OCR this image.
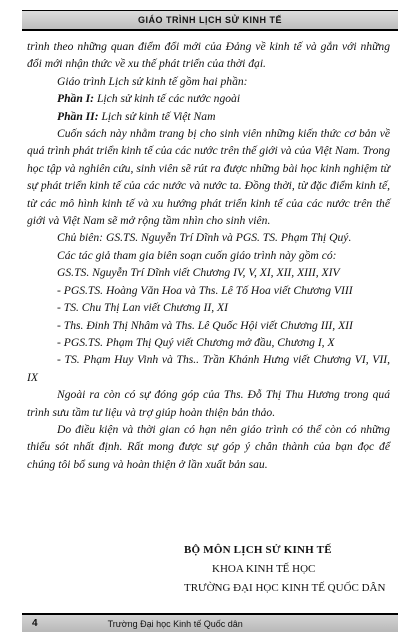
GIÁO TRÌNH LỊCH SỬ KINH TẾ

trình theo những quan điểm đổi mới của Đảng về kinh tế và gắn với những đổi mới nhận thức về xu thế phát triển của thời đại.

Giáo trình Lịch sử kinh tế gồm hai phần:

Phần I: Lịch sử kinh tế các nước ngoài

Phần II: Lịch sử kinh tế Việt Nam

Cuốn sách này nhằm trang bị cho sinh viên những kiến thức cơ bản về quá trình phát triển kinh tế của các nước trên thế giới và của Việt Nam. Trong học tập và nghiên cứu, sinh viên sẽ rút ra được những bài học kinh nghiệm từ sự phát triển kinh tế của các nước và nước ta. Đồng thời, từ đặc điểm kinh tế, từ các mô hình kinh tế và xu hướng phát triển kinh tế của các nước trên thế giới và Việt Nam sẽ mở rộng tầm nhìn cho sinh viên.

Chủ biên: GS.TS. Nguyễn Trí Dĩnh và PGS. TS. Phạm Thị Quý.

Các tác giả tham gia biên soạn cuốn giáo trình này gồm có:

GS.TS. Nguyễn Trí Dĩnh viết Chương IV, V, XI, XII, XIII, XIV

- PGS.TS. Hoàng Văn Hoa và Ths. Lê Tố Hoa viết Chương VIII

- TS. Chu Thị Lan viết Chương II, XI

- Ths. Đinh Thị Nhâm và Ths. Lê Quốc Hội viết Chương III, XII

- PGS.TS. Phạm Thị Quý viết Chương mở đầu, Chương I, X

- TS. Phạm Huy Vinh và Ths.. Trần Khánh Hưng viết Chương VI, VII, IX

Ngoài ra còn có sự đóng góp của Ths. Đỗ Thị Thu Hương trong quá trình sưu tầm tư liệu và trợ giúp hoàn thiện bản thảo.

Do điều kiện và thời gian có hạn nên giáo trình có thể còn có những thiếu sót nhất định. Rất mong được sự góp ý chân thành của bạn đọc để chúng tôi bổ sung và hoàn thiện ở lần xuất bản sau.

BỘ MÔN LỊCH SỬ KINH TẾ
KHOA KINH TẾ HỌC
TRƯỜNG ĐẠI HỌC KINH TẾ QUỐC DÂN
4	Trường Đại học Kinh tế Quốc dân
